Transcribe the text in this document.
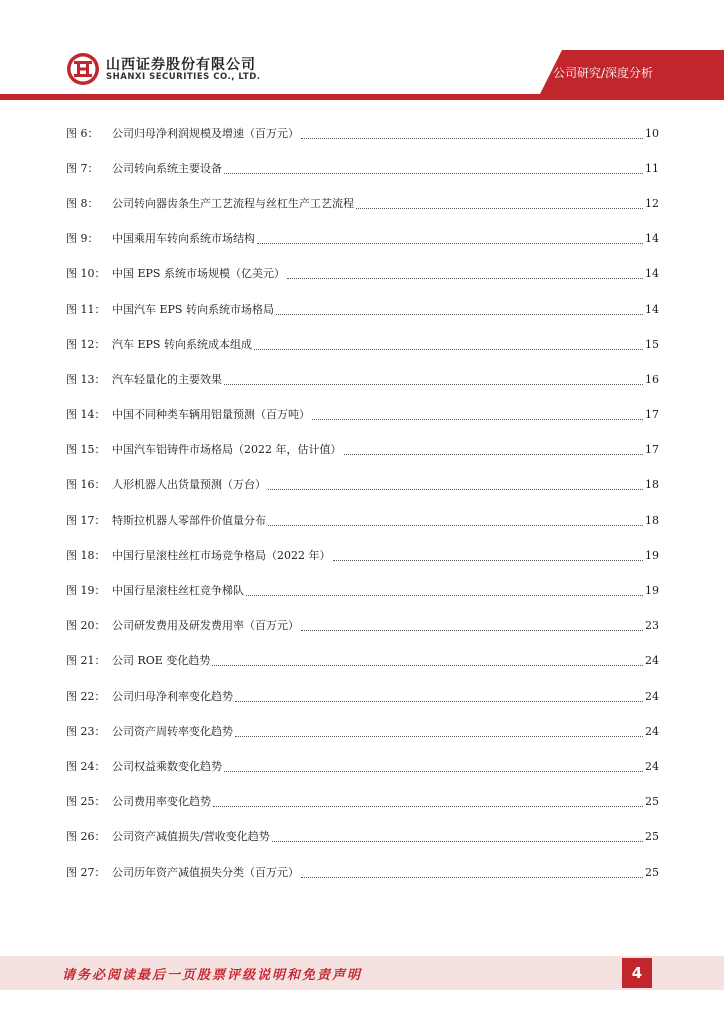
山西证券股份有限公司
SHANXI SECURITIES CO., LTD.	公司研究/深度分析
图 6：	公司归母净利润规模及增速（百万元）	10
图 7：	公司转向系统主要设备	11
图 8：	公司转向器齿条生产工艺流程与丝杠生产工艺流程	12
图 9：	中国乘用车转向系统市场结构	14
图 10： 中国 EPS 系统市场规模（亿美元）	14
图 11： 中国汽车 EPS 转向系统市场格局	14
图 12： 汽车 EPS 转向系统成本组成	15
图 13： 汽车轻量化的主要效果	16
图 14： 中国不同种类车辆用铝量预测（百万吨）	17
图 15： 中国汽车铝铸件市场格局（2022 年，估计值）	17
图 16： 人形机器人出货量预测（万台）	18
图 17： 特斯拉机器人零部件价值量分布	18
图 18： 中国行星滚柱丝杠市场竞争格局（2022 年）	19
图 19： 中国行星滚柱丝杠竞争梯队	19
图 20： 公司研发费用及研发费用率（百万元）	23
图 21： 公司 ROE 变化趋势	24
图 22： 公司归母净利率变化趋势	24
图 23： 公司资产周转率变化趋势	24
图 24： 公司权益乘数变化趋势	24
图 25： 公司费用率变化趋势	25
图 26： 公司资产减值损失/营收变化趋势	25
图 27： 公司历年资产减值损失分类（百万元）	25
请务必阅读最后一页股票评级说明和免责声明	4
